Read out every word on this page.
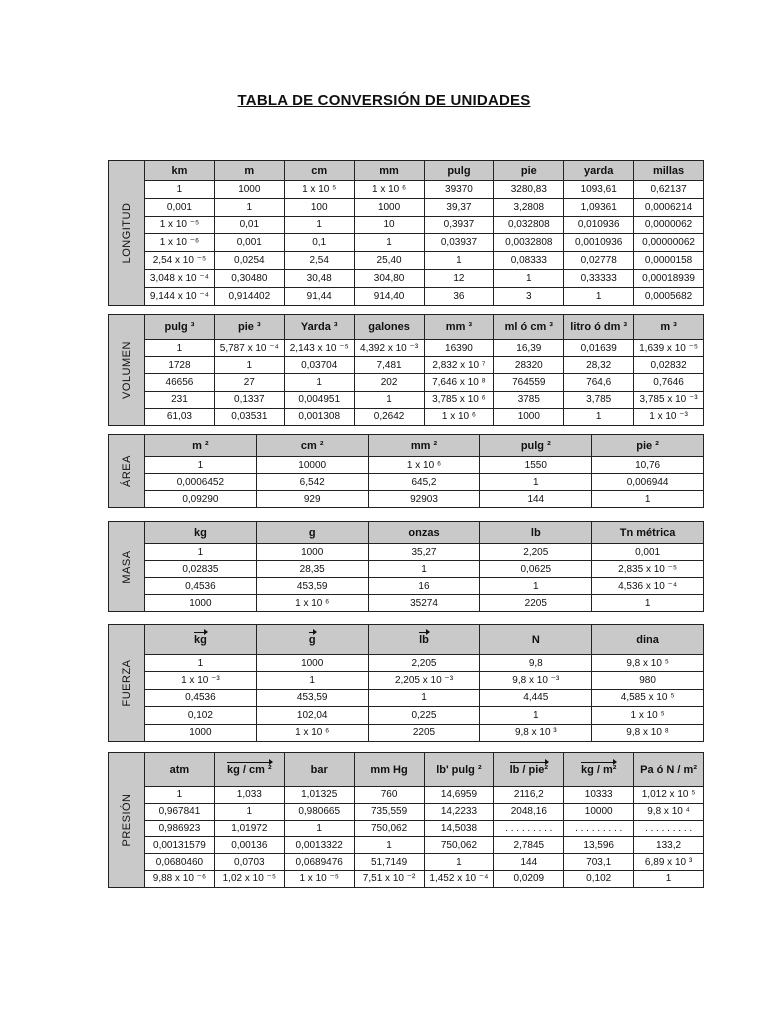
TABLA DE CONVERSIÓN DE UNIDADES
LONGITUD	km	m	cm	mm	pulg	pie	yarda	millas
	1	1000	1 x 10 ⁵	1 x 10 ⁶	39370	3280,83	1093,61	0,62137
	0,001	1	100	1000	39,37	3,2808	1,09361	0,0006214
	1 x 10 ⁻⁵	0,01	1	10	0,3937	0,032808	0,010936	0,0000062
	1 x 10 ⁻⁶	0,001	0,1	1	0,03937	0,0032808	0,0010936	0,00000062
	2,54 x 10 ⁻⁵	0,0254	2,54	25,40	1	0,08333	0,02778	0,0000158
	3,048 x 10 ⁻⁴	0,30480	30,48	304,80	12	1	0,33333	0,00018939
	9,144 x 10 ⁻⁴	0,914402	91,44	914,40	36	3	1	0,0005682
VOLUMEN	pulg ³	pie ³	Yarda ³	galones	mm ³	ml ó cm ³	litro ó dm ³	m ³
	1	5,787 x 10 ⁻⁴	2,143 x 10 ⁻⁵	4,392 x 10 ⁻³	16390	16,39	0,01639	1,639 x 10 ⁻⁵
	1728	1	0,03704	7,481	2,832 x 10 ⁷	28320	28,32	0,02832
	46656	27	1	202	7,646 x 10 ⁸	764559	764,6	0,7646
	231	0,1337	0,004951	1	3,785 x 10 ⁶	3785	3,785	3,785 x 10 ⁻³
	61,03	0,03531	0,001308	0,2642	1 x 10 ⁶	1000	1	1 x 10 ⁻³
ÁREA	m ²	cm ²	mm ²	pulg ²	pie ²
	1	10000	1 x 10 ⁶	1550	10,76
	0,0006452	6,542	645,2	1	0,006944
	0,09290	929	92903	144	1
MASA	kg	g	onzas	lb	Tn métrica
	1	1000	35,27	2,205	0,001
	0,02835	28,35	1	0,0625	2,835 x 10 ⁻⁵
	0,4536	453,59	16	1	4,536 x 10 ⁻⁴
	1000	1 x 10 ⁶	35274	2205	1
FUERZA	kg	g	lb	N	dina
	1	1000	2,205	9,8	9,8 x 10 ⁵
	1 x 10 ⁻³	1	2,205 x 10 ⁻³	9,8 x 10 ⁻³	980
	0,4536	453,59	1	4,445	4,585 x 10 ⁵
	0,102	102,04	0,225	1	1 x 10 ⁵
	1000	1 x 10 ⁶	2205	9,8 x 10 ³	9,8 x 10 ⁸
PRESIÓN	atm	kg / cm ²	bar	mm Hg	lb' pulg ²	lb / pie²	kg / m²	Pa ó N / m²
	1	1,033	1,01325	760	14,6959	2116,2	10333	1,012 x 10 ⁵
	0,967841	1	0,980665	735,559	14,2233	2048,16	10000	9,8 x 10 ⁴
	0,986923	1,01972	1	750,062	14,5038	. . . . . . . . .	. . . . . . . . .	. . . . . . . . .
	0,00131579	0,00136	0,0013322	1	750,062	2,7845	13,596	133,2
	0,0680460	0,0703	0,0689476	51,7149	1	144	703,1	6,89 x 10 ³
	9,88 x 10 ⁻⁶	1,02 x 10 ⁻⁵	1 x 10 ⁻⁵	7,51 x 10 ⁻²	1,452 x 10 ⁻⁴	0,0209	0,102	1
